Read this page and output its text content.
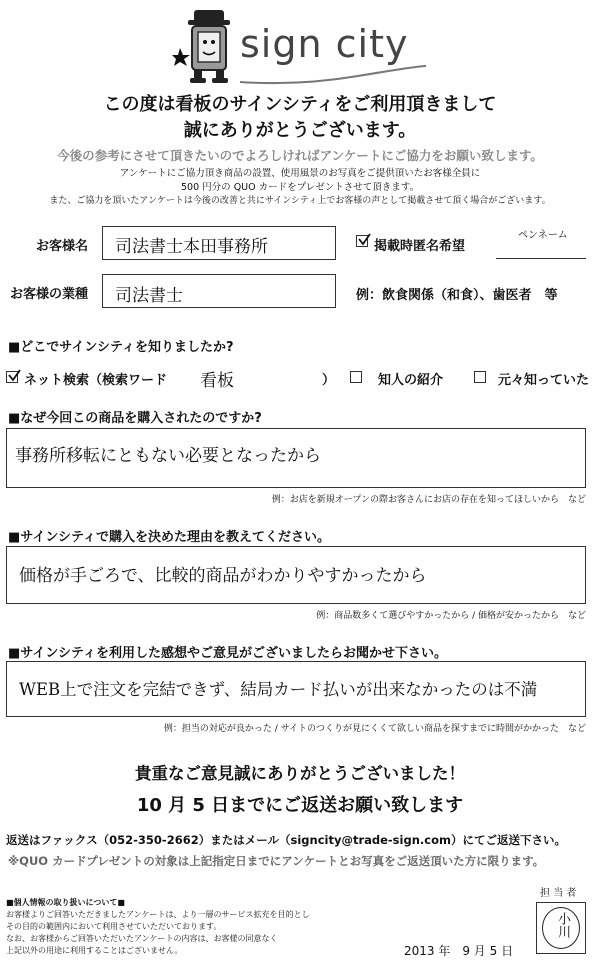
sign city
この度は看板のサインシティをご利用頂きまして
誠にありがとうございます。
今後の参考にさせて頂きたいのでよろしければアンケートにご協力をお願い致します。
アンケートにご協力頂き商品の設置、使用風景のお写真をご提供頂いたお客様全員に
500 円分の QUO カードをプレゼントさせて頂きます。
また、ご協力を頂いたアンケートは今後の改善と共にサインシティ上でお客様の声として掲載させて頂く場合がございます。
お客様名 司法書士本田事務所	掲載時匿名希望
ペンネーム
お客様の業種 司法書士	例：飲食関係（和食）、歯医者　等
■どこでサインシティを知りましたか?
ネット検索（検索ワード 看板	）	知人の紹介	元々知っていた
■なぜ今回この商品を購入されたのですか?
事務所移転にともない必要となったから
例：お店を新規オープンの際お客さんにお店の存在を知ってほしいから　など
■サインシティで購入を決めた理由を教えてください。
価格が手ごろで、比較的商品がわかりやすかったから
例：商品数多くて選びやすかったから / 価格が安かったから　など
■サインシティを利用した感想やご意見がございましたらお聞かせ下さい。
WEB上で注文を完結できず、結局カード払いが出来なかったのは不満
例：担当の対応が良かった / サイトのつくりが見にくくて欲しい商品を探すまでに時間がかかった　など
貴重なご意見誠にありがとうございました！
10 月 5 日までにご返送お願い致します
返送はファックス（052-350-2662）またはメール（signcity@trade-sign.com）にてご返送下さい。
※QUO カードプレゼントの対象は上記指定日までにアンケートとお写真をご返送頂いた方に限ります。
■個人情報の取り扱いについて■
お客様よりご回答いただきましたアンケートは、より一層のサービス拡充を目的とし
その目的の範囲内において利用させていただいております。
なお、お客様からご回答いただいたアンケートの内容は、お客様の同意なく
上記以外の用途に利用することはございません。	2013 年　9 月 5 日
担 当 者
小川
